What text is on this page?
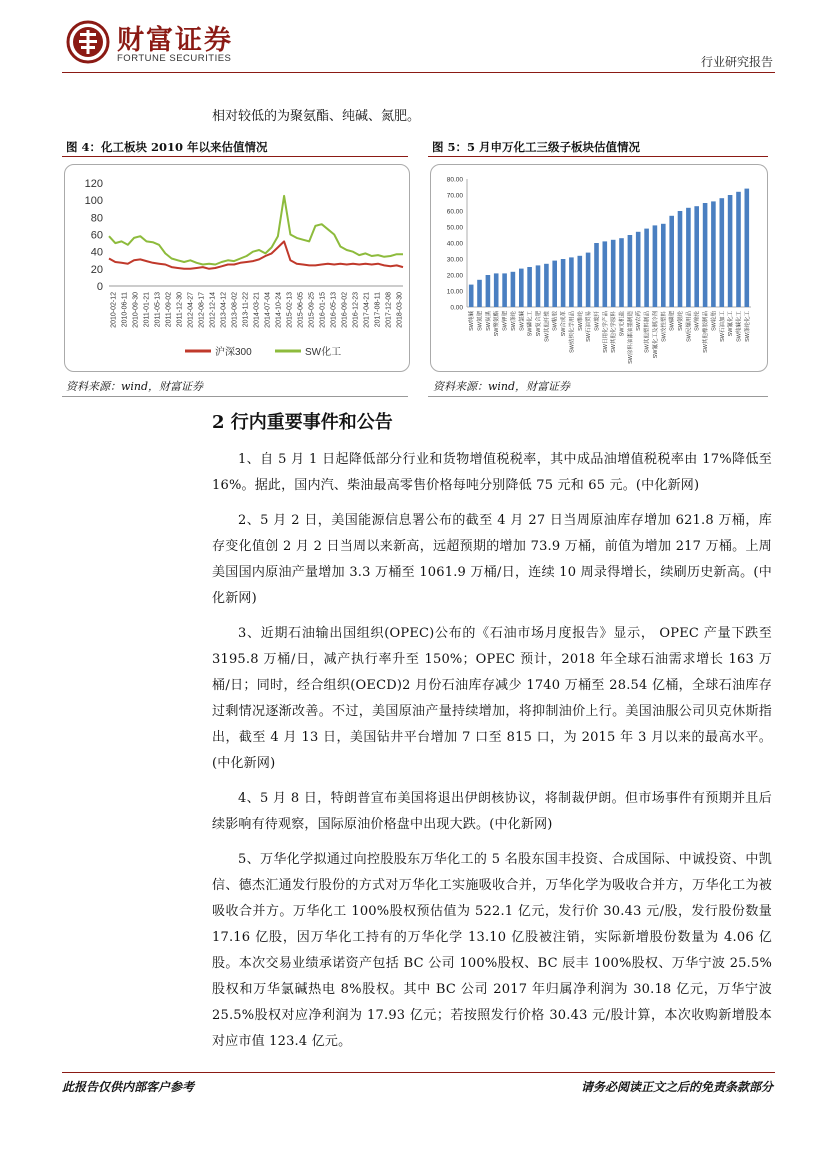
财富证券
FORTUNE SECURITIES	行业研究报告
相对较低的为聚氨酯、纯碱、氮肥。
图 4：化工板块 2010 年以来估值情况	图 5：5 月申万化工三级子板块估值情况
0
20
40
60
80
100
120
2010-02-12 2010-06-11 2010-09-30 2011-01-21 2011-05-13 2011-09-02 2011-12-30 2012-04-27 2012-08-17 2012-12-14 2013-04-12 2013-08-02 2013-11-22 2014-03-21 2014-07-04 2014-10-24 2015-02-13 2015-06-05 2015-09-25 2016-01-15 2016-05-13 2016-09-02 2016-12-23 2017-04-21 2017-08-11 2017-12-08 2018-03-30
沪深300	SW化工
0.00
10.00
20.00
30.00
40.00
50.00
60.00
70.00
80.00
SW纯碱 SW氮肥 SW炭黑 SW聚氨酯 SW钾肥 SW涤纶 SW氯碱 SW磷化工 SW复合肥 SW其他纤维 SW粘胶 SW合成革 SW纺织化学用品 SW维纶 SW石油贸易 SW玻纤 SW日用化学产品 SW其他化学原料 SW无机盐 SW涂料油漆油墨制造 SW农药 SW其他塑料制品 SW氟化工及制冷剂 SW改性塑料 SW磷肥 SW氨纶 SW民爆用品 SW锦纶 SW其他橡胶制品 SW轮胎 SW石油加工 SW氟化工 SW纯碱化工 SW涤纶化工
资料来源：wind，财富证券	资料来源：wind，财富证券
2 行内重要事件和公告

1、自 5 月 1 日起降低部分行业和货物增值税税率，其中成品油增值税税率由 17%降低至 16%。据此，国内汽、柴油最高零售价格每吨分别降低 75 元和 65 元。(中化新网)

2、5 月 2 日，美国能源信息署公布的截至 4 月 27 日当周原油库存增加 621.8 万桶，库存变化值创 2 月 2 日当周以来新高，远超预期的增加 73.9 万桶，前值为增加 217 万桶。上周美国国内原油产量增加 3.3 万桶至 1061.9 万桶/日，连续 10 周录得增长，续刷历史新高。(中化新网)

3、近期石油输出国组织(OPEC)公布的《石油市场月度报告》显示， OPEC 产量下跌至 3195.8 万桶/日，减产执行率升至 150%；OPEC 预计，2018 年全球石油需求增长 163 万桶/日；同时，经合组织(OECD)2 月份石油库存减少 1740 万桶至 28.54 亿桶，全球石油库存过剩情况逐渐改善。不过，美国原油产量持续增加，将抑制油价上行。美国油服公司贝克休斯指出，截至 4 月 13 日，美国钻井平台增加 7 口至 815 口，为 2015 年 3 月以来的最高水平。(中化新网)

4、5 月 8 日，特朗普宣布美国将退出伊朗核协议，将制裁伊朗。但市场事件有预期并且后续影响有待观察，国际原油价格盘中出现大跌。(中化新网)

5、万华化学拟通过向控股股东万华化工的 5 名股东国丰投资、合成国际、中诚投资、中凯信、德杰汇通发行股份的方式对万华化工实施吸收合并，万华化学为吸收合并方，万华化工为被吸收合并方。万华化工 100%股权预估值为 522.1 亿元，发行价 30.43 元/股，发行股份数量 17.16 亿股，因万华化工持有的万华化学 13.10 亿股被注销，实际新增股份数量为 4.06 亿股。本次交易业绩承诺资产包括 BC 公司 100%股权、BC 辰丰 100%股权、万华宁波 25.5%股权和万华氯碱热电 8%股权。其中 BC 公司 2017 年归属净利润为 30.18 亿元，万华宁波 25.5%股权对应净利润为 17.93 亿元；若按照发行价格 30.43 元/股计算，本次收购新增股本对应市值 123.4 亿元。

此报告仅供内部客户参考	请务必阅读正文之后的免责条款部分
